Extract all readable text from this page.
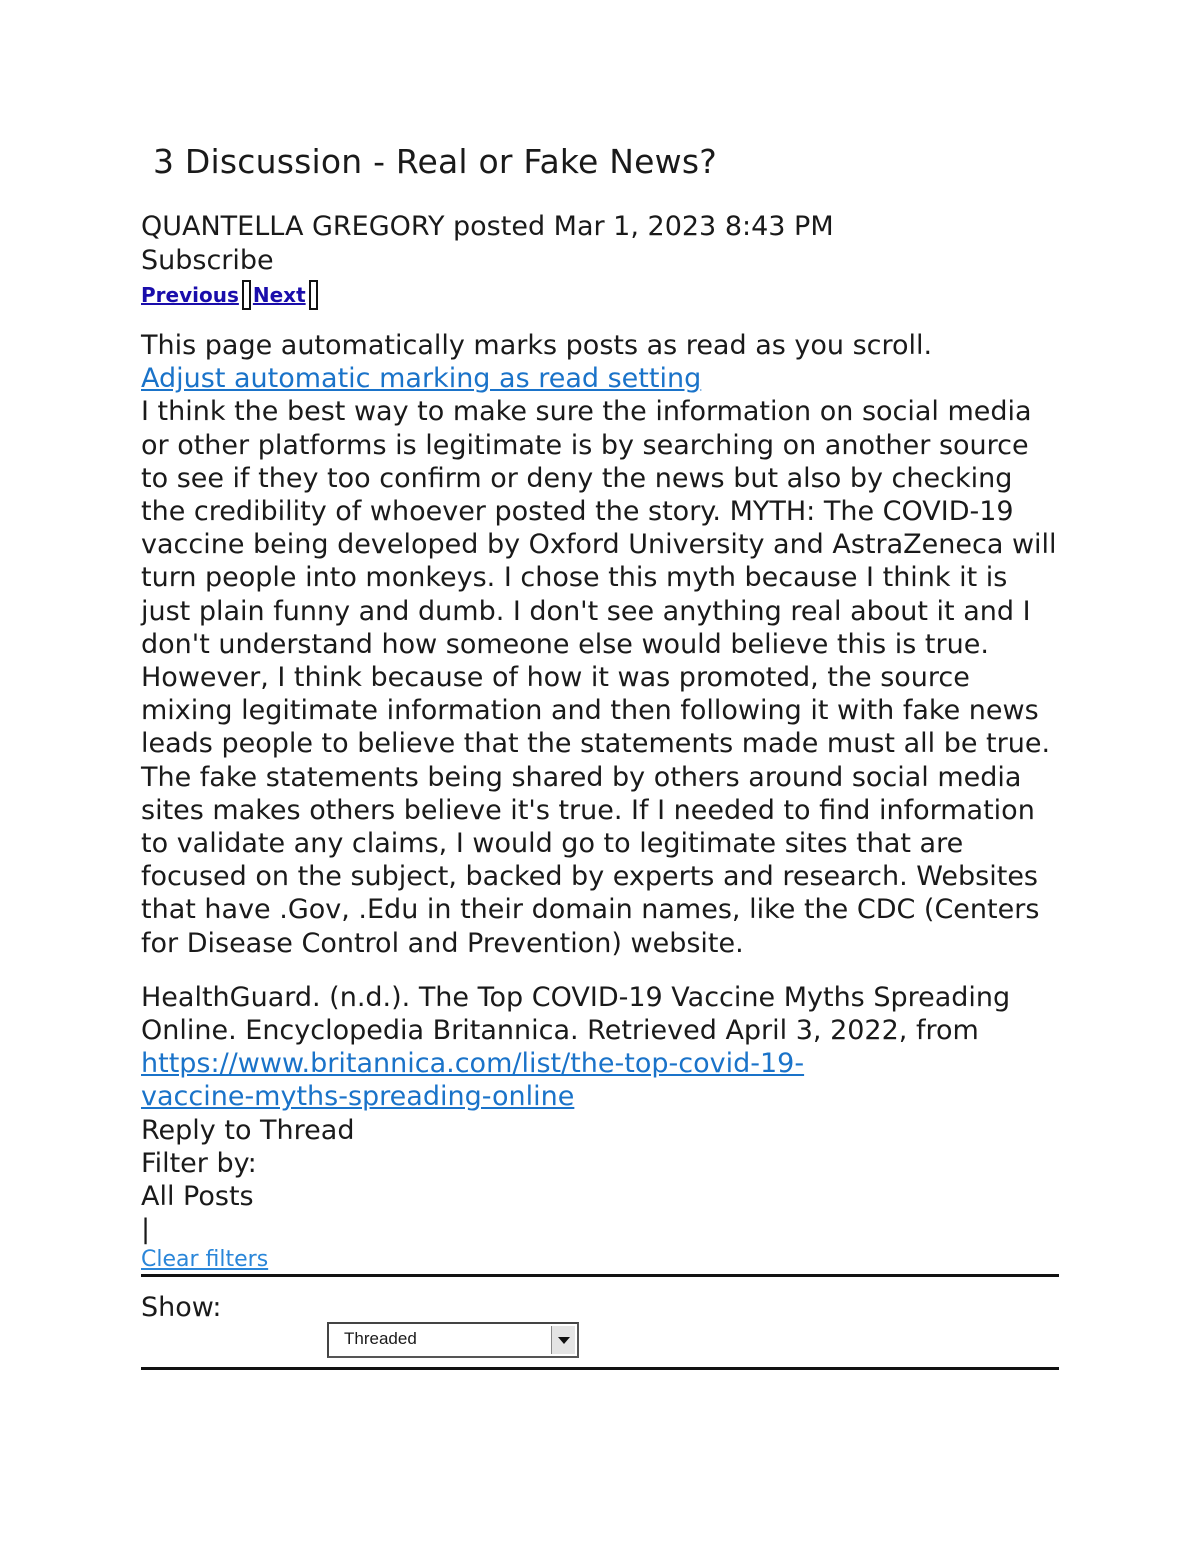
3 Discussion - Real or Fake News?
QUANTELLA GREGORY posted Mar 1, 2023 8:43 PM
Subscribe
Previous Next
This page automatically marks posts as read as you scroll.
Adjust automatic marking as read setting
I think the best way to make sure the information on social media or other platforms is legitimate is by searching on another source to see if they too confirm or deny the news but also by checking the credibility of whoever posted the story. MYTH: The COVID-19 vaccine being developed by Oxford University and AstraZeneca will turn people into monkeys. I chose this myth because I think it is just plain funny and dumb. I don't see anything real about it and I don't understand how someone else would believe this is true. However, I think because of how it was promoted, the source mixing legitimate information and then following it with fake news leads people to believe that the statements made must all be true. The fake statements being shared by others around social media sites makes others believe it's true. If I needed to find information to validate any claims, I would go to legitimate sites that are focused on the subject, backed by experts and research. Websites that have .Gov, .Edu in their domain names, like the CDC (Centers for Disease Control and Prevention) website.
HealthGuard. (n.d.). The Top COVID-19 Vaccine Myths Spreading Online. Encyclopedia Britannica. Retrieved April 3, 2022, from https://www.britannica.com/list/the-top-covid-19-
vaccine-myths-spreading-online
Reply to Thread
Filter by:
All Posts
|
Clear filters
Show:
Threaded
